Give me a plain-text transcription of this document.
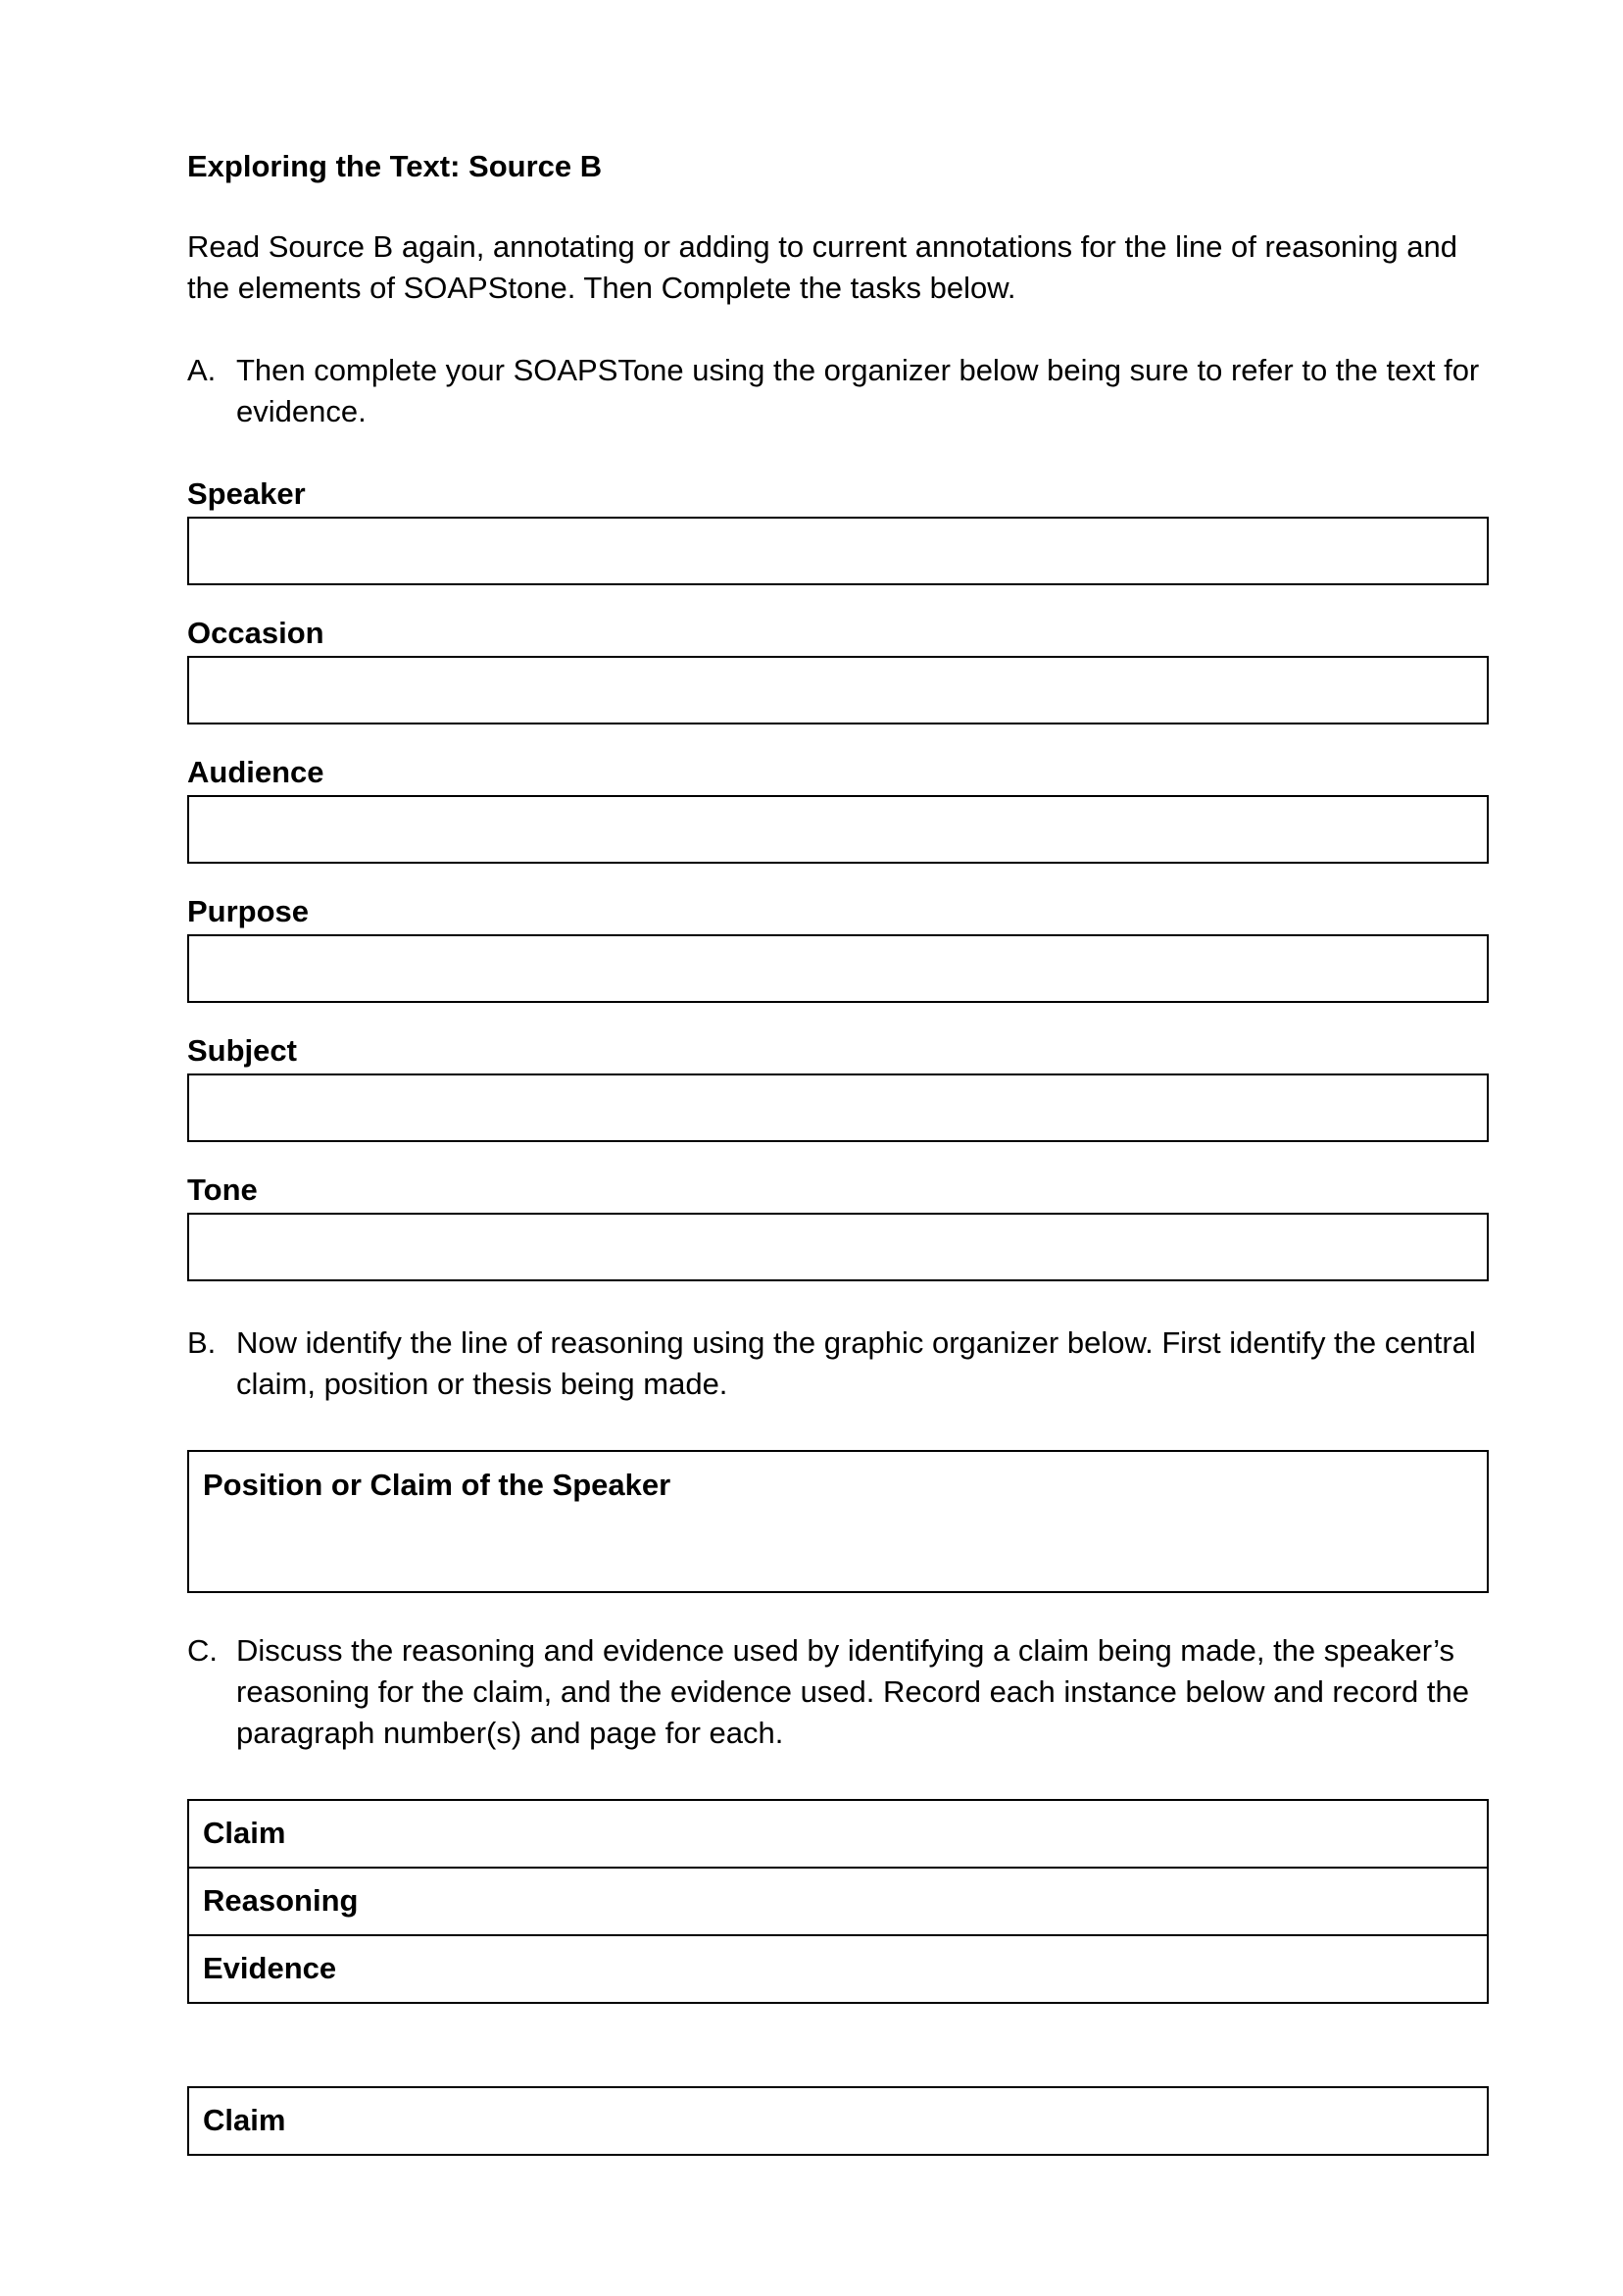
Exploring the Text: Source B
Read Source B again, annotating or adding to current annotations for the line of reasoning and the elements of SOAPStone. Then Complete the tasks below.
A. Then complete your SOAPSTone using the organizer below being sure to refer to the text for evidence.
Speaker
Occasion
Audience
Purpose
Subject
Tone
B. Now identify the line of reasoning using the graphic organizer below. First identify the central claim, position or thesis being made.
Position or Claim of the Speaker
C. Discuss the reasoning and evidence used by identifying a claim being made, the speaker’s reasoning for the claim, and the evidence used. Record each instance below and record the paragraph number(s) and page for each.
Claim
Reasoning
Evidence
Claim
